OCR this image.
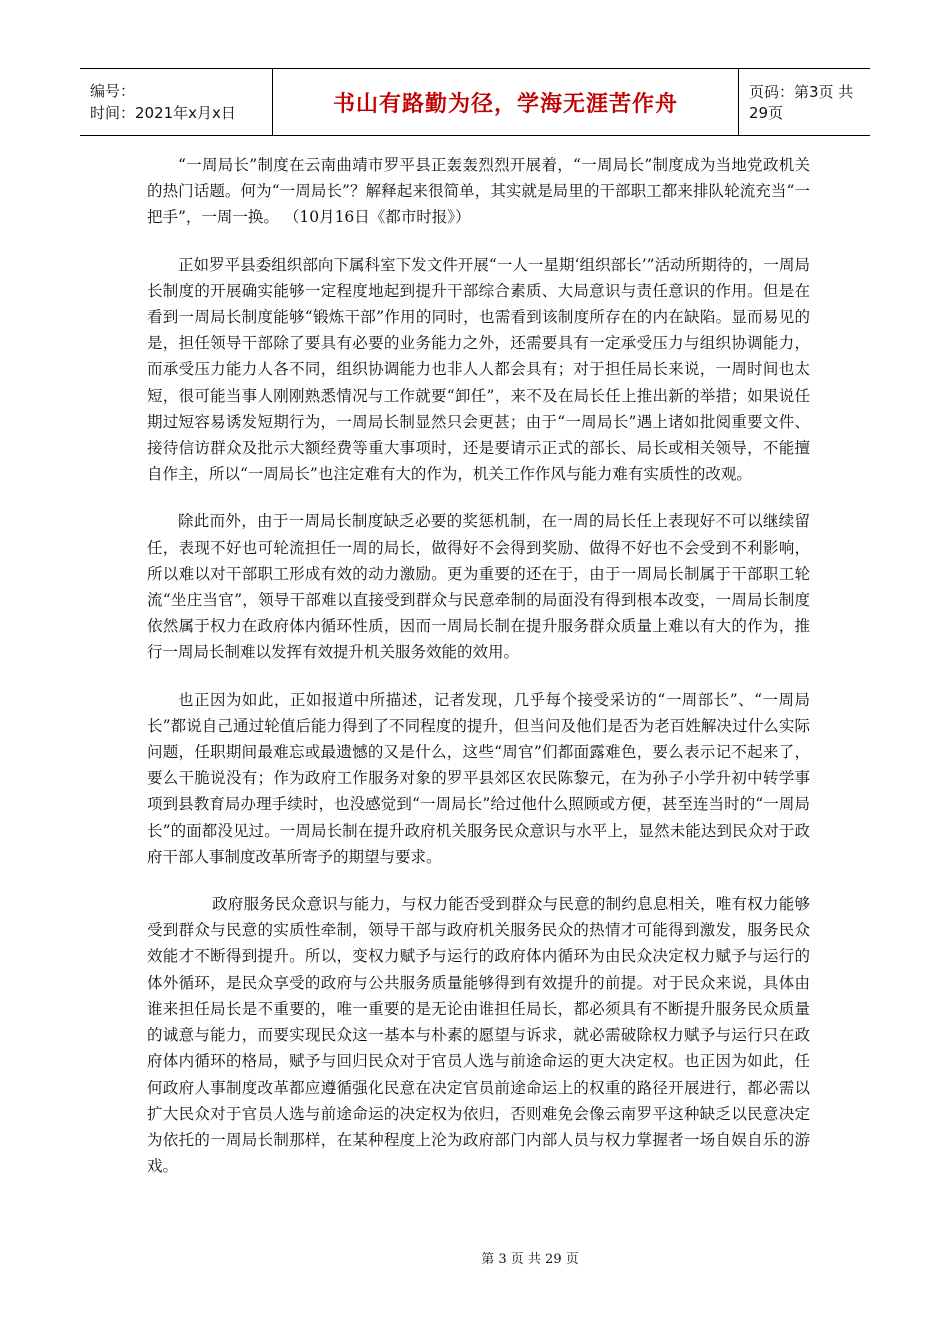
编号：
时间：2021年x月x日	书山有路勤为径，学海无涯苦作舟	页码：第3页 共29页

“一周局长”制度在云南曲靖市罗平县正轰轰烈烈开展着，“一周局长”制度成为当地党政机关的热门话题。何为“一周局长”？解释起来很简单，其实就是局里的干部职工都来排队轮流充当“一把手”，一周一换。 （10月16日《都市时报》）

正如罗平县委组织部向下属科室下发文件开展“一人一星期‘组织部长’”活动所期待的，一周局长制度的开展确实能够一定程度地起到提升干部综合素质、大局意识与责任意识的作用。但是在看到一周局长制度能够“锻炼干部”作用的同时，也需看到该制度所存在的内在缺陷。显而易见的是，担任领导干部除了要具有必要的业务能力之外，还需要具有一定承受压力与组织协调能力，而承受压力能力人各不同，组织协调能力也非人人都会具有；对于担任局长来说，一周时间也太短，很可能当事人刚刚熟悉情况与工作就要“卸任”，来不及在局长任上推出新的举措；如果说任期过短容易诱发短期行为，一周局长制显然只会更甚；由于“一周局长”遇上诸如批阅重要文件、接待信访群众及批示大额经费等重大事项时，还是要请示正式的部长、局长或相关领导，不能擅自作主，所以“一周局长”也注定难有大的作为，机关工作作风与能力难有实质性的改观。

除此而外，由于一周局长制度缺乏必要的奖惩机制，在一周的局长任上表现好不可以继续留任，表现不好也可轮流担任一周的局长，做得好不会得到奖励、做得不好也不会受到不利影响，所以难以对干部职工形成有效的动力激励。更为重要的还在于，由于一周局长制属于干部职工轮流“坐庄当官”，领导干部难以直接受到群众与民意牵制的局面没有得到根本改变，一周局长制度依然属于权力在政府体内循环性质，因而一周局长制在提升服务群众质量上难以有大的作为，推行一周局长制难以发挥有效提升机关服务效能的效用。

也正因为如此，正如报道中所描述，记者发现，几乎每个接受采访的“一周部长”、“一周局长”都说自己通过轮值后能力得到了不同程度的提升，但当问及他们是否为老百姓解决过什么实际问题，任职期间最难忘或最遗憾的又是什么，这些“周官”们都面露难色，要么表示记不起来了，要么干脆说没有；作为政府工作服务对象的罗平县郊区农民陈黎元，在为孙子小学升初中转学事项到县教育局办理手续时，也没感觉到“一周局长”给过他什么照顾或方便，甚至连当时的“一周局长”的面都没见过。一周局长制在提升政府机关服务民众意识与水平上，显然未能达到民众对于政府干部人事制度改革所寄予的期望与要求。

政府服务民众意识与能力，与权力能否受到群众与民意的制约息息相关，唯有权力能够受到群众与民意的实质性牵制，领导干部与政府机关服务民众的热情才可能得到激发，服务民众效能才不断得到提升。所以，变权力赋予与运行的政府体内循环为由民众决定权力赋予与运行的体外循环，是民众享受的政府与公共服务质量能够得到有效提升的前提。对于民众来说，具体由谁来担任局长是不重要的，唯一重要的是无论由谁担任局长，都必须具有不断提升服务民众质量的诚意与能力，而要实现民众这一基本与朴素的愿望与诉求，就必需破除权力赋予与运行只在政府体内循环的格局，赋予与回归民众对于官员人选与前途命运的更大决定权。也正因为如此，任何政府人事制度改革都应遵循强化民意在决定官员前途命运上的权重的路径开展进行，都必需以扩大民众对于官员人选与前途命运的决定权为依归，否则难免会像云南罗平这种缺乏以民意决定为依托的一周局长制那样，在某种程度上沦为政府部门内部人员与权力掌握者一场自娱自乐的游戏。

第 3 页 共 29 页
